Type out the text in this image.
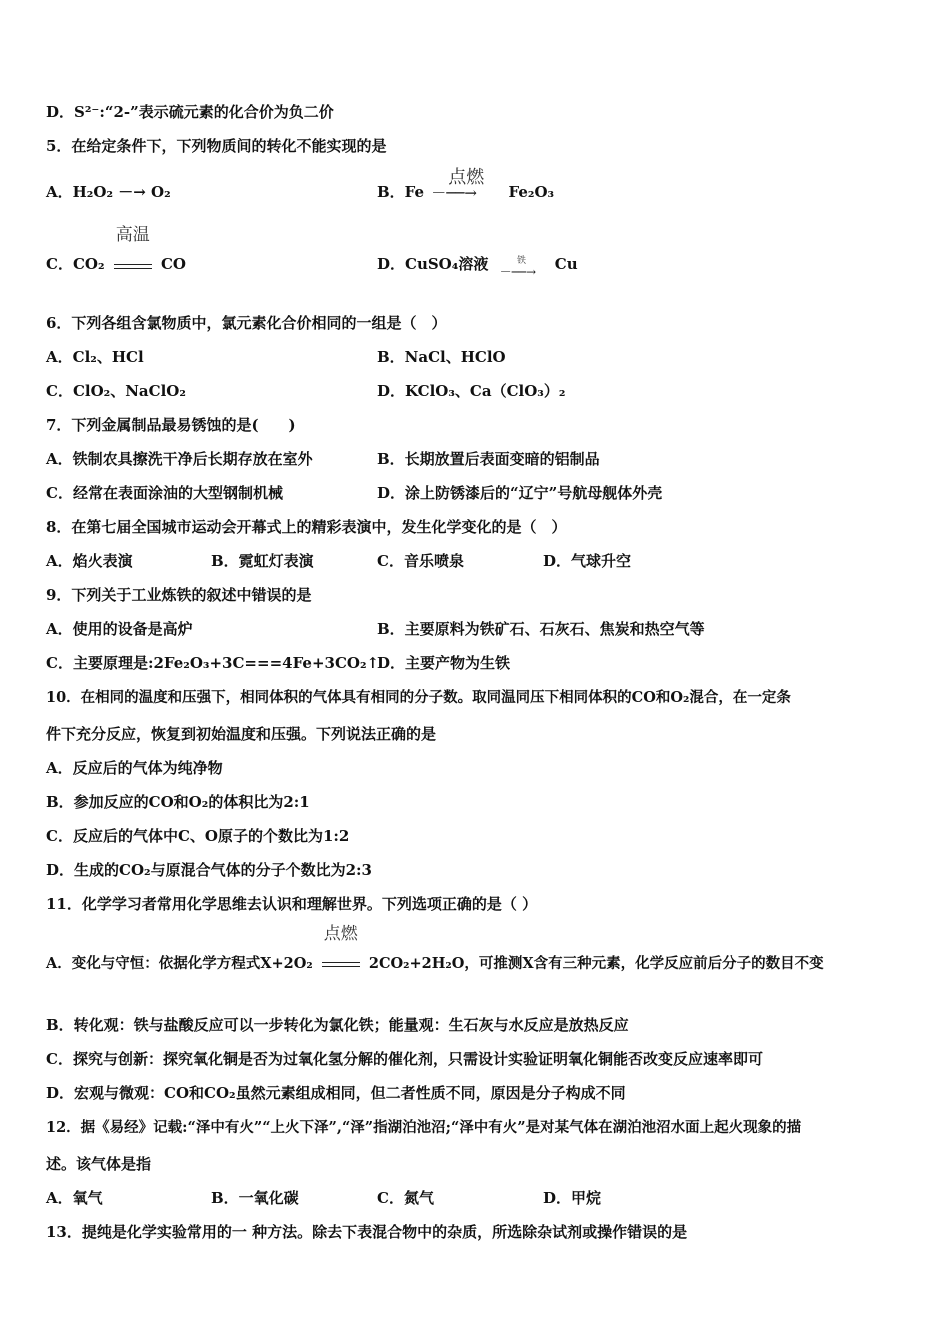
D．S²⁻:“2-”表示硫元素的化合价为负二价
5．在给定条件下，下列物质间的转化不能实现的是
A．H₂O₂ －→ O₂	B．Fe
点燃
－──→ Fe₂O₃
C．CO₂
高温
CO	D．CuSO₄溶液	铁
－──→ Cu
6．下列各组含氯物质中，氯元素化合价相同的一组是（　）
A．Cl₂、HCl	B．NaCl、HClO
C．ClO₂、NaClO₂	D．KClO₃、Ca（ClO₃）₂
7．下列金属制品最易锈蚀的是(　　)
A．铁制农具擦洗干净后长期存放在室外	B．长期放置后表面变暗的铝制品
C．经常在表面涂油的大型钢制机械	D．涂上防锈漆后的“辽宁”号航母舰体外壳
8．在第七届全国城市运动会开幕式上的精彩表演中，发生化学变化的是（　）
A．焰火表演	B．霓虹灯表演	C．音乐喷泉	D．气球升空
9．下列关于工业炼铁的叙述中错误的是
A．使用的设备是高炉	B．主要原料为铁矿石、石灰石、焦炭和热空气等
C．主要原理是:2Fe₂O₃+3C===4Fe+3CO₂↑
D．主要产物为生铁
10．在相同的温度和压强下，相同体积的气体具有相同的分子数。取同温同压下相同体积的CO和O₂混合，在一定条
件下充分反应，恢复到初始温度和压强。下列说法正确的是
A．反应后的气体为纯净物
B．参加反应的CO和O₂的体积比为2:1
C．反应后的气体中C、O原子的个数比为1:2
D．生成的CO₂与原混合气体的分子个数比为2:3
11．化学学习者常用化学思维去认识和理解世界。下列选项正确的是（ ）
A．变化与守恒：依据化学方程式X+2O₂
点燃
2CO₂+2H₂O，可推测X含有三种元素，化学反应前后分子的数目不变
B．转化观：铁与盐酸反应可以一步转化为氯化铁；能量观：生石灰与水反应是放热反应
C．探究与创新：探究氧化铜是否为过氧化氢分解的催化剂，只需设计实验证明氧化铜能否改变反应速率即可
D．宏观与微观：CO和CO₂虽然元素组成相同，但二者性质不同，原因是分子构成不同
12．据《易经》记载:“泽中有火”“上火下泽”,“泽”指湖泊池沼;“泽中有火”是对某气体在湖泊池沼水面上起火现象的描
述。该气体是指
A．氧气	B．一氧化碳	C．氮气	D．甲烷
13．提纯是化学实验常用的一 种方法。除去下表混合物中的杂质，所选除杂试剂或操作错误的是
